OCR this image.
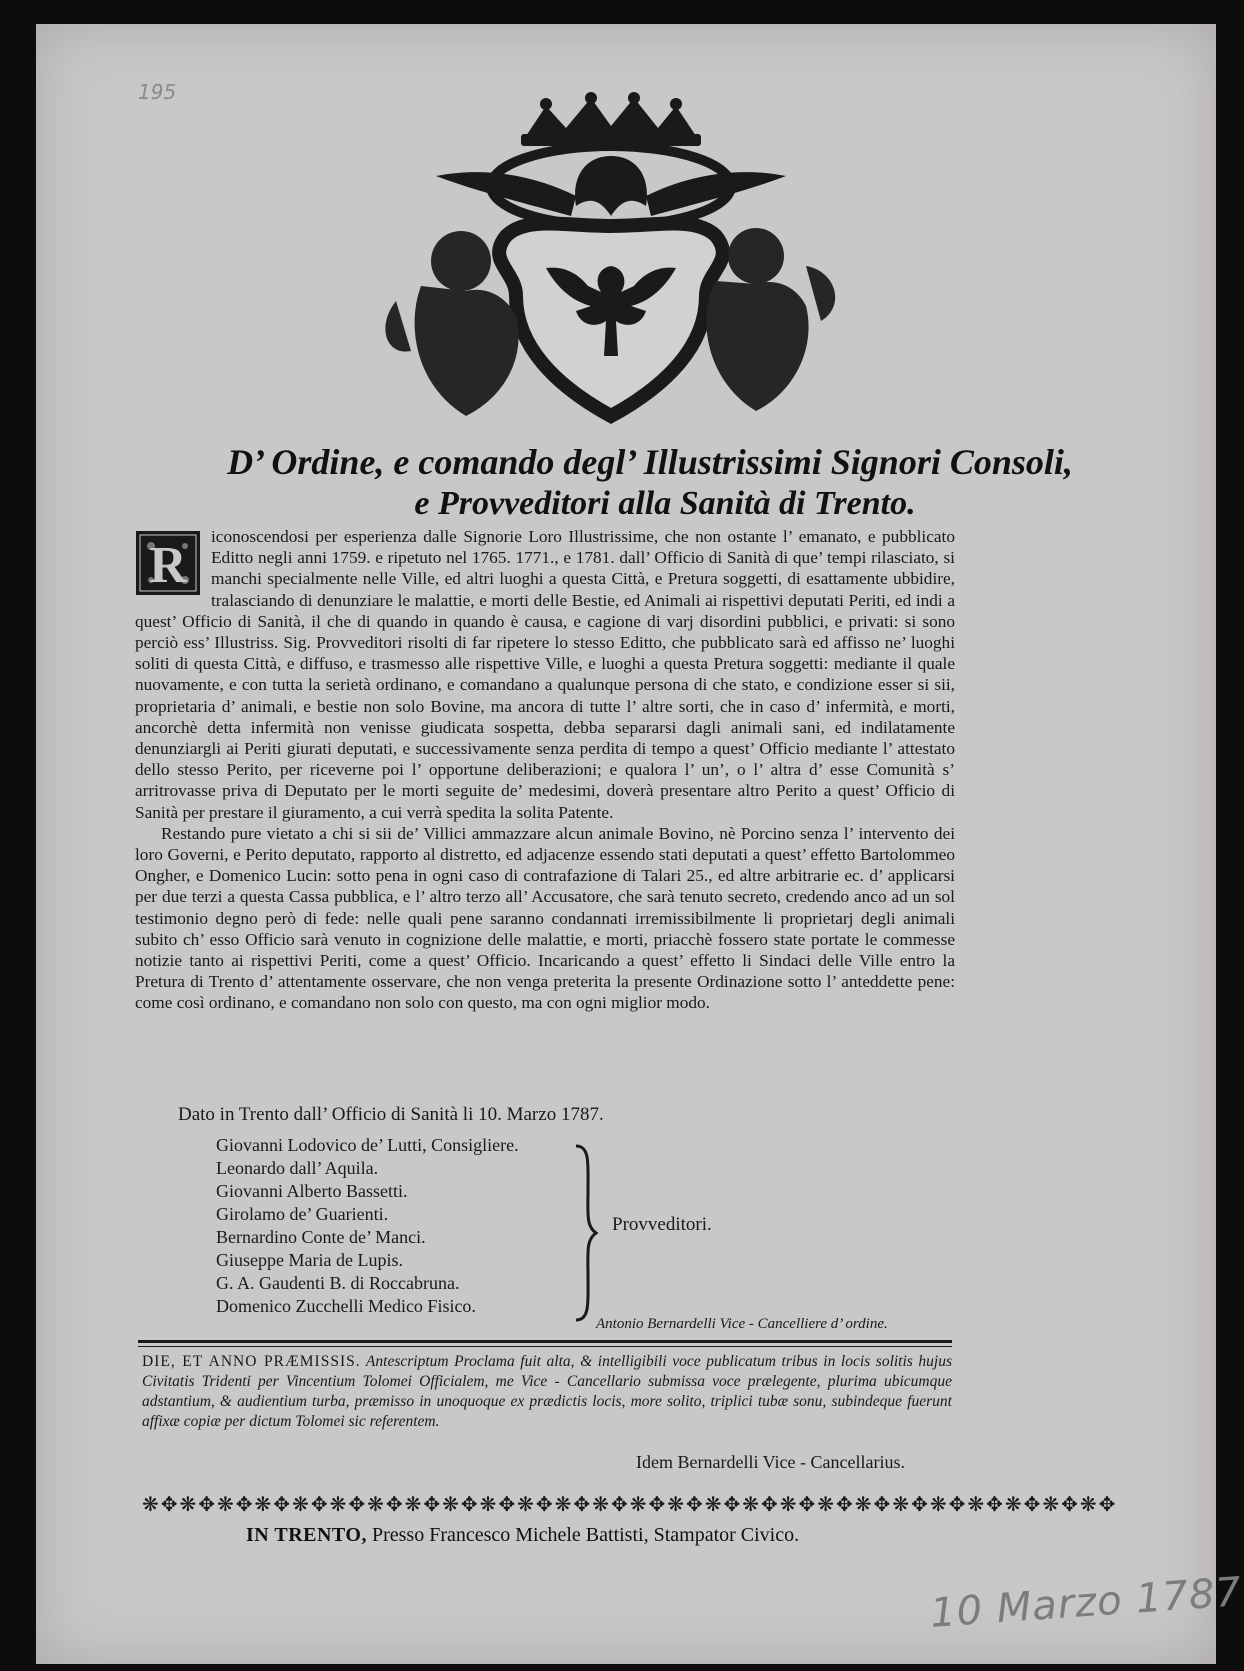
195
D’ Ordine, e comando degl’ Illustrissimi Signori Consoli,
e Provveditori alla Sanità di Trento.
R

iconoscendosi per esperienza dalle Signorie Loro Illustrissime, che non ostante l’ emanato, e pubblicato Editto negli anni 1759. e ripetuto nel 1765. 1771., e 1781. dall’ Officio di Sanità di que’ tempi rilasciato, si manchi specialmente nelle Ville, ed altri luoghi a questa Città, e Pretura soggetti, di esattamente ubbidire, tralasciando di denunziare le malattie, e morti delle Bestie, ed Animali ai rispettivi deputati Periti, ed indi a quest’ Officio di Sanità, il che di quando in quando è causa, e cagione di varj disordini pubblici, e privati: si sono perciò ess’ Illustriss. Sig. Provveditori risolti di far ripetere lo stesso Editto, che pubblicato sarà ed affisso ne’ luoghi soliti di questa Città, e diffuso, e trasmesso alle rispettive Ville, e luoghi a questa Pretura soggetti: mediante il quale nuovamente, e con tutta la serietà ordinano, e comandano a qualunque persona di che stato, e condizione esser si sii, proprietaria d’ animali, e bestie non solo Bovine, ma ancora di tutte l’ altre sorti, che in caso d’ infermità, e morti, ancorchè detta infermità non venisse giudicata sospetta, debba separarsi dagli animali sani, ed indilatamente denunziargli ai Periti giurati deputati, e successivamente senza perdita di tempo a quest’ Officio mediante l’ attestato dello stesso Perito, per riceverne poi l’ opportune deliberazioni; e qualora l’ un’, o l’ altra d’ esse Comunità s’ arritrovasse priva di Deputato per le morti seguite de’ medesimi, doverà presentare altro Perito a quest’ Officio di Sanità per prestare il giuramento, a cui verrà spedita la solita Patente.

Restando pure vietato a chi si sii de’ Villici ammazzare alcun animale Bovino, nè Porcino senza l’ intervento dei loro Governi, e Perito deputato, rapporto al distretto, ed adjacenze essendo stati deputati a quest’ effetto Bartolommeo Ongher, e Domenico Lucin: sotto pena in ogni caso di contrafazione di Talari 25., ed altre arbitrarie ec. d’ applicarsi per due terzi a questa Cassa pubblica, e l’ altro terzo all’ Accusatore, che sarà tenuto secreto, credendo anco ad un sol testimonio degno però di fede: nelle quali pene saranno condannati irremissibilmente li proprietarj degli animali subito ch’ esso Officio sarà venuto in cognizione delle malattie, e morti, priacchè fossero state portate le commesse notizie tanto ai rispettivi Periti, come a quest’ Officio. Incaricando a quest’ effetto li Sindaci delle Ville entro la Pretura di Trento d’ attentamente osservare, che non venga preterita la presente Ordinazione sotto l’ anteddette pene: come così ordinano, e comandano non solo con questo, ma con ogni miglior modo.

Dato in Trento dall’ Officio di Sanità li 10. Marzo 1787.
Giovanni Lodovico de’ Lutti, Consigliere.
Leonardo dall’ Aquila.
Giovanni Alberto Bassetti.
Girolamo de’ Guarienti.
Bernardino Conte de’ Manci.
Giuseppe Maria de Lupis.
G. A. Gaudenti B. di Roccabruna.
Domenico Zucchelli Medico Fisico.
Provveditori.
Antonio Bernardelli Vice - Cancelliere d’ ordine.
DIE, ET ANNO PRÆMISSIS. Antescriptum Proclama fuit alta, & intelligibili voce publicatum tribus in locis solitis hujus Civitatis Tridenti per Vincentium Tolomei Officialem, me Vice - Cancellario submissa voce prælegente, plurima ubicumque adstantium, & audientium turba, præmisso in unoquoque ex prædictis locis, more solito, triplici tubæ sonu, subindeque fuerunt affixæ copiæ per dictum Tolomei sic referentem.
Idem Bernardelli Vice - Cancellarius.
❋✥❋✥❋✥❋✥❋✥❋✥❋✥❋✥❋✥❋✥❋✥❋✥❋✥❋✥❋✥❋✥❋✥❋✥❋✥❋✥❋✥❋✥❋✥❋✥❋✥❋✥
IN TRENTO, Presso Francesco Michele Battisti, Stampator Civico.
10 Marzo 1787
